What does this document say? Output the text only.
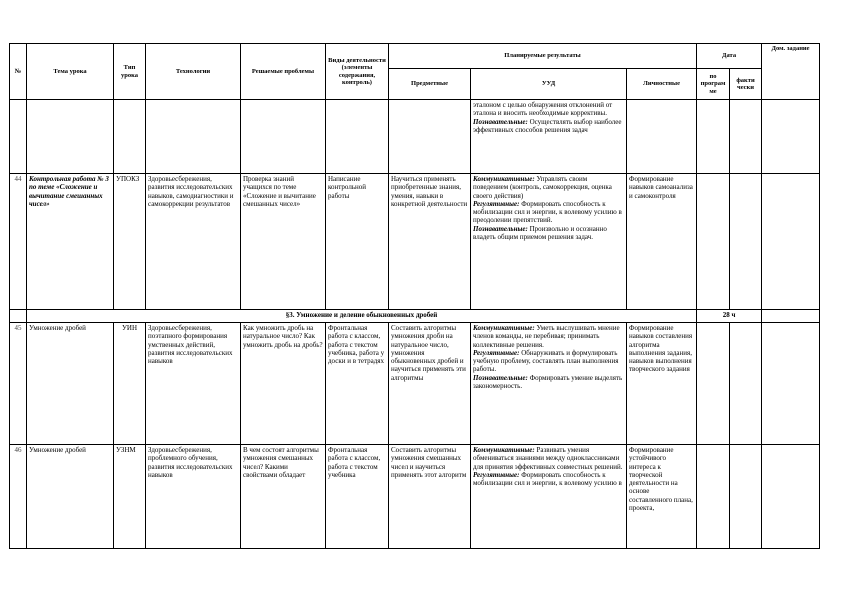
№	Тема урока	Тип урока	Технологии	Решаемые проблемы	Виды деятельности (элементы содержания, контроль)	Планируемые результаты			Дата		Дом. задание
						Предметные	УУД	Личностные	по програм ме	факти чески	

							эталоном с целью обнаружения отклонений от эталона и вносить необходимые коррективы.
Познавательные: Осуществлять выбор наиболее эффективных способов решения задач				

44	Контрольная работа № 3 по теме «Сложение и вычитание смешанных чисел»	УПОКЗ	Здоровьесбережения, развития исследовательских навыков, самодиагностики и самокоррекции результатов	Проверка знаний учащихся по теме «Сложение и вычитание смешанных чисел»	Написание контрольной работы	Научиться применять приобретенные знания, умения, навыки в конкретной деятельности	Коммуникативные: Управлять своим поведением (контроль, самокоррекция, оценка своего действия)
Регулятивные: Формировать способность к мобилизации сил и энергии, к волевому усилию в преодолении препятствий.
Познавательные: Произвольно и осознанно владеть общим приемом решения задач.	Формирование навыков самоанализа и самоконтроля			
	§3. Умножение и деление обыкновенных дробей								28 ч		
45	Умножение дробей	УИН	Здоровьесбережения, поэтапного формирования умственных действий, развития исследовательских навыков	Как умножить дробь на натуральное число? Как умножить дробь на дробь?	Фронтальная работа с классом, работа с текстом учебника, работа у доски и в тетрадях	Составить алгоритмы умножения дроби на натуральное число, умножения обыкновенных дробей и научиться применять эти алгоритмы	Коммуникативные: Уметь выслушивать мнение членов команды, не перебивая; принимать коллективные решения.
Регулятивные: Обнаруживать и формулировать учебную проблему, составлять план выполнения работы.
Познавательные: Формировать умение выделять закономерность.	Формирование навыков составления алгоритма выполнения задания, навыков выполнения творческого задания			
46	Умножение дробей	УЗНМ	Здоровьесбережения, проблемного обучения, развития исследовательских навыков	В чем состоят алгоритмы умножения смешанных чисел? Какими свойствами обладает	Фронтальная работа с классом, работа с текстом учебника	Составить алгоритмы умножения смешанных чисел и научиться применять этот алгоритм	Коммуникативные: Развивать умения обмениваться знаниями между одноклассниками для принятия эффективных совместных решений.
Регулятивные: Формировать способность к мобилизации сил и энергии, к волевому усилию в	Формирование устойчивого интереса к творческой деятельности на основе составленного плана, проекта,			
